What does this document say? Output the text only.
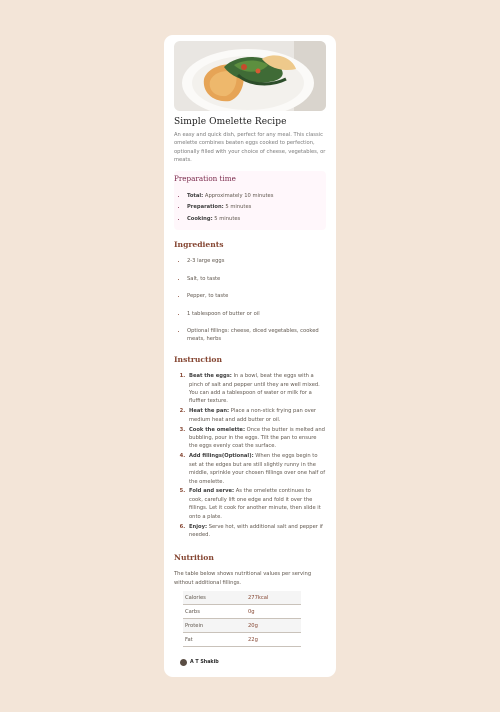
Simple Omelette Recipe

An easy and quick dish, perfect for any meal. This classic omelette combines beaten eggs cooked to perfection, optionally filled with your choice of cheese, vegetables, or meats.

Preparation time
• Total: Approximately 10 minutes
• Preparation: 5 minutes
• Cooking: 5 minutes
Ingredients
• 2-3 large eggs
• Salt, to taste
• Pepper, to taste
• 1 tablespoon of butter or oil
• Optional fillings: cheese, diced vegetables, cooked meats, herbs
Instruction
1. Beat the eggs: In a bowl, beat the eggs with a pinch of salt and pepper until they are well mixed. You can add a tablespoon of water or milk for a fluffier texture.
2. Heat the pan: Place a non-stick frying pan over medium heat and add butter or oil.
3. Cook the omelette: Once the butter is melted and bubbling, pour in the eggs. Tilt the pan to ensure the eggs evenly coat the surface.
4. Add fillings(Optional): When the eggs begin to set at the edges but are still slightly runny in the middle, sprinkle your chosen fillings over one half of the omelette.
5. Fold and serve: As the omelette continues to cook, carefully lift one edge and fold it over the fillings. Let it cook for another minute, then slide it onto a plate.
6. Enjoy: Serve hot, with additional salt and pepper if needed.
Nutrition

The table below shows nutritional values per serving without additional fillings.

Calories	277kcal
Carbs	0g
Protein	20g
Fat	22g
A T Shakib
